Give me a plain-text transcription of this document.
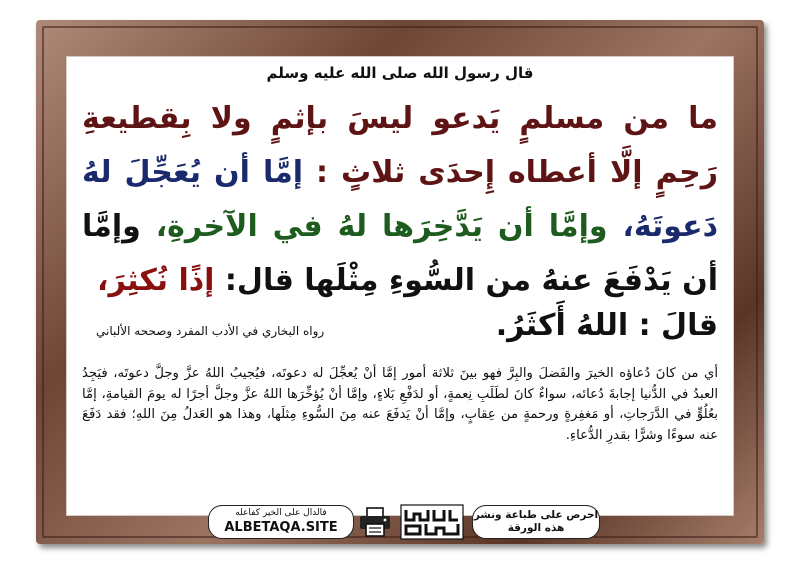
قال رسول الله صلى الله عليه وسلم
ما من مسلمٍ يَدعو ليسَ بإثمٍ ولا بِقطيعةِ رَحِمٍ إلَّا أعطاه إِحدَى ثلاثٍ : إمَّا أن يُعَجِّلَ لهُ دَعوتَهُ، وإمَّا أن يَدَّخِرَها لهُ في الآخرةِ، وإمَّا أن يَدْفَعَ عنهُ من السُّوءِ مِثْلَها قال: إذًا نُكثِرَ،
قالَ : اللهُ أَكثَرُ.
رواه البخاري في الأدب المفرد وصححه الألباني
أي من كانَ دُعاؤه الخيرَ والفَضلَ والبِرَّ فهو بينَ ثلاثة أمور إمَّا أنْ يُعجِّلَ له دعوتَه، فيُجيبُ اللهُ عزَّ وجلَّ دعوتَه، فيَجِدُ العبدُ في الدُّنيا إجابةَ دُعائه، سواءٌ كانَ لطَلَبِ نِعمةٍ، أو لدَفْعِ بَلاءٍ، وإمَّا أنْ يُؤخِّرَها اللهُ عزَّ وجلَّ أجرًا له يومَ القيامةِ، إمَّا بعُلُوٍّ في الدَّرَجاتِ، أو مَغفِرةٍ ورحمةٍ من عِقابٍ، وإمَّا أنْ يَدفَعَ عنه مِنَ السُّوءِ مِثلَها، وهذا هو العَدلُ مِنَ اللهِ؛ فقد دَفَعَ عنه سوءًا وشرًّا بقدرِ الدُّعاءِ.
فالدال على الخير كفاعله
ALBETAQA.SITE
احرص على طباعة ونشر هذه الورقة
